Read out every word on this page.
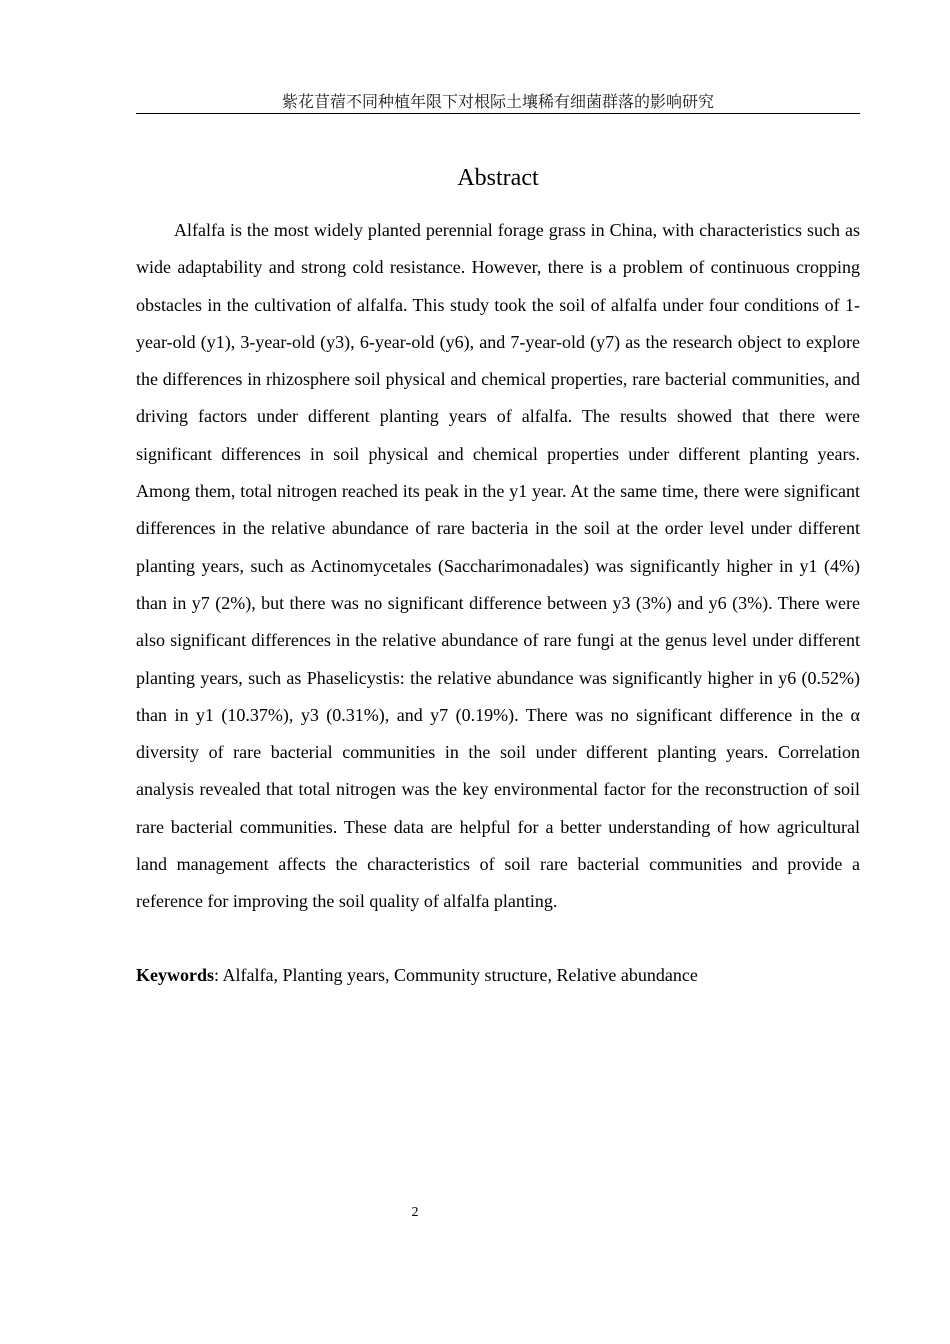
紫花苜蓿不同种植年限下对根际土壤稀有细菌群落的影响研究
Abstract

Alfalfa is the most widely planted perennial forage grass in China, with characteristics such as wide adaptability and strong cold resistance. However, there is a problem of continuous cropping obstacles in the cultivation of alfalfa. This study took the soil of alfalfa under four conditions of 1-year-old (y1), 3-year-old (y3), 6-year-old (y6), and 7-year-old (y7) as the research object to explore the differences in rhizosphere soil physical and chemical properties, rare bacterial communities, and driving factors under different planting years of alfalfa. The results showed that there were significant differences in soil physical and chemical properties under different planting years. Among them, total nitrogen reached its peak in the y1 year. At the same time, there were significant differences in the relative abundance of rare bacteria in the soil at the order level under different planting years, such as Actinomycetales (Saccharimonadales) was significantly higher in y1 (4%) than in y7 (2%), but there was no significant difference between y3 (3%) and y6 (3%). There were also significant differences in the relative abundance of rare fungi at the genus level under different planting years, such as Phaselicystis: the relative abundance was significantly higher in y6 (0.52%) than in y1 (10.37%), y3 (0.31%), and y7 (0.19%). There was no significant difference in the α diversity of rare bacterial communities in the soil under different planting years. Correlation analysis revealed that total nitrogen was the key environmental factor for the reconstruction of soil rare bacterial communities. These data are helpful for a better understanding of how agricultural land management affects the characteristics of soil rare bacterial communities and provide a reference for improving the soil quality of alfalfa planting.

Keywords: Alfalfa, Planting years, Community structure, Relative abundance

2
